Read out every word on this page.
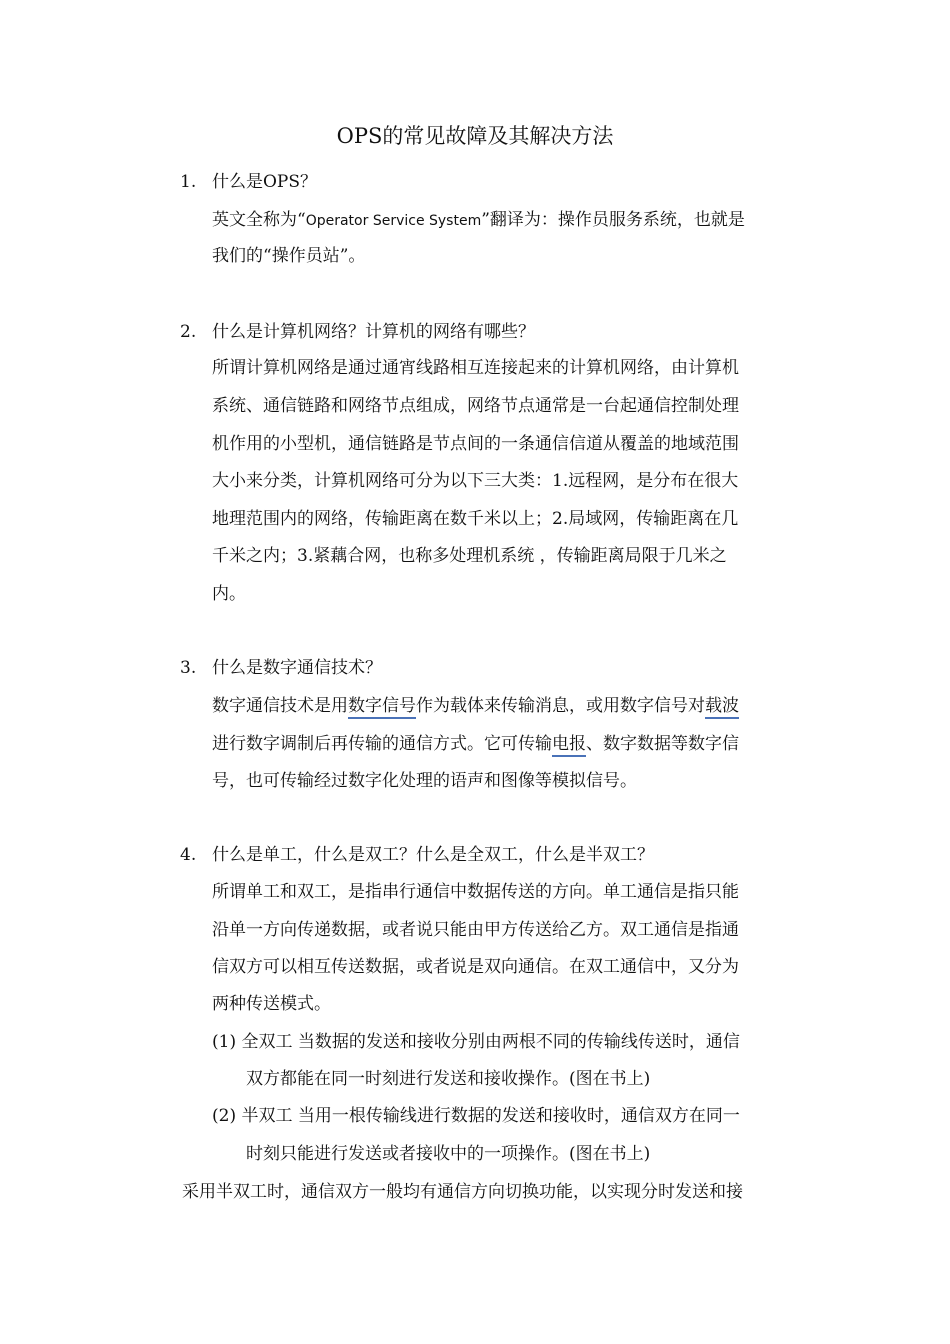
OPS的常见故障及其解决方法
1. 什么是OPS？
英文全称为“Operator Service System”翻译为：操作员服务系统，也就是
我们的“操作员站”。
2. 什么是计算机网络？计算机的网络有哪些？
所谓计算机网络是通过通宵线路相互连接起来的计算机网络，由计算机
系统、通信链路和网络节点组成，网络节点通常是一台起通信控制处理
机作用的小型机，通信链路是节点间的一条通信信道从覆盖的地域范围
大小来分类，计算机网络可分为以下三大类：1.远程网，是分布在很大
地理范围内的网络，传输距离在数千米以上；2.局域网，传输距离在几
千米之内；3.紧藕合网，也称多处理机系统 ，传输距离局限于几米之
内。
3. 什么是数字通信技术？
数字通信技术是用数字信号作为载体来传输消息，或用数字信号对载波
进行数字调制后再传输的通信方式。它可传输电报、数字数据等数字信
号，也可传输经过数字化处理的语声和图像等模拟信号。
4. 什么是单工，什么是双工？什么是全双工，什么是半双工？
所谓单工和双工，是指串行通信中数据传送的方向。单工通信是指只能
沿单一方向传递数据，或者说只能由甲方传送给乙方。双工通信是指通
信双方可以相互传送数据，或者说是双向通信。在双工通信中，又分为
两种传送模式。
(1) 全双工 当数据的发送和接收分别由两根不同的传输线传送时，通信
双方都能在同一时刻进行发送和接收操作。(图在书上)
(2) 半双工 当用一根传输线进行数据的发送和接收时，通信双方在同一
时刻只能进行发送或者接收中的一项操作。(图在书上)
采用半双工时，通信双方一般均有通信方向切换功能，以实现分时发送和接
